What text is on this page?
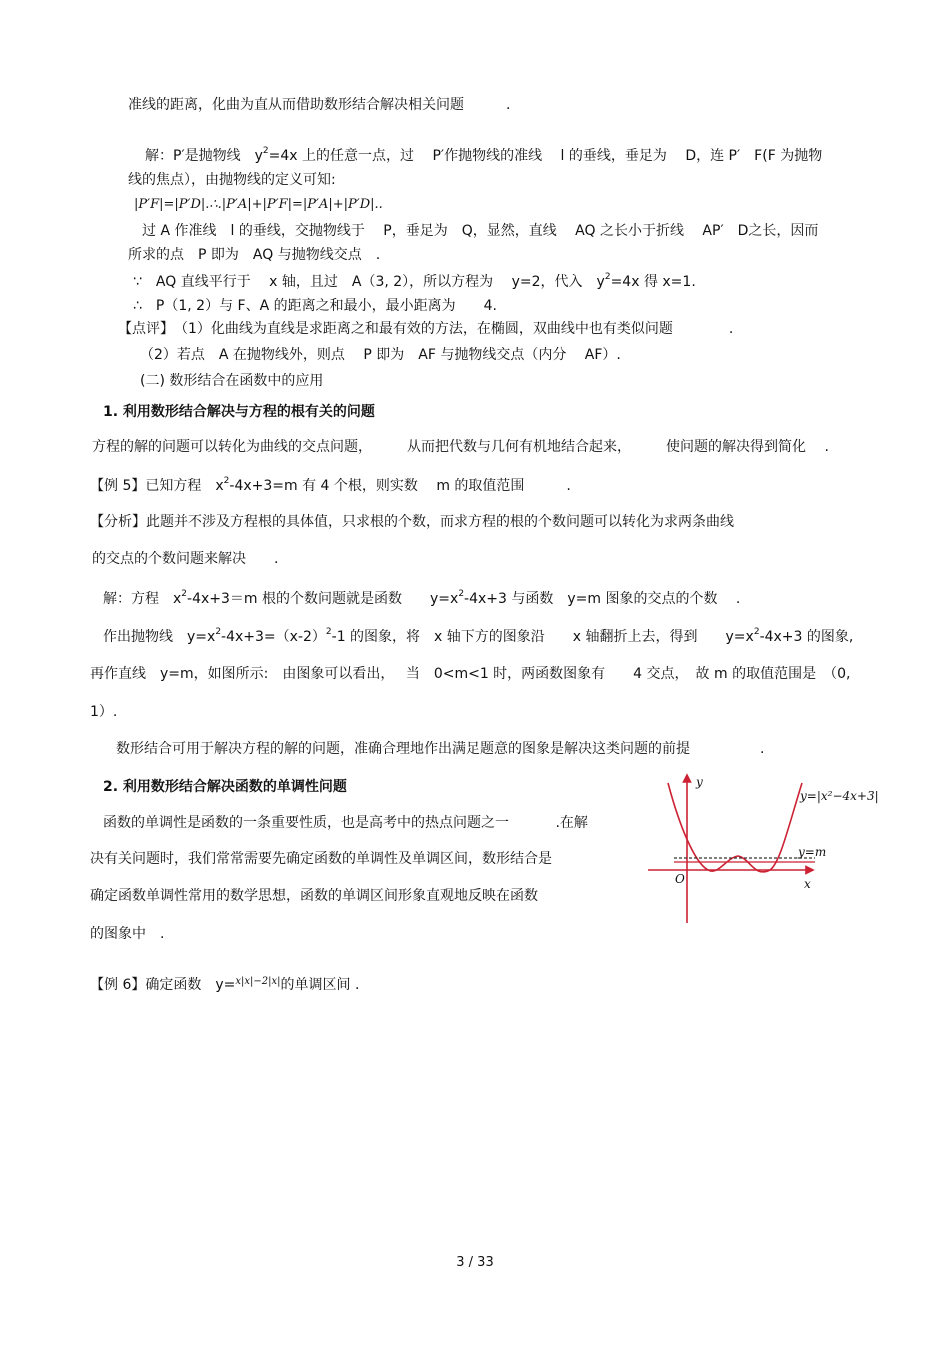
准线的距离，化曲为直从而借助数形结合解决相关问题　　　.
解：P′是抛物线　$y^2=4x$ 上的任意一点，过　 P′作抛物线的准线　 l 的垂线，垂足为　 D，连 P′　F(F 为抛物
线的焦点），由抛物线的定义可知:
|P′F|=|P′D|.∴.|P′A|+|P′F|=|P′A|+|P′D|..
过 A 作准线　l 的垂线，交抛物线于　 P，垂足为　Q，显然，直线　 AQ 之长小于折线　 AP′　D之长，因而
所求的点　P 即为　AQ 与抛物线交点　.
∵　AQ 直线平行于　 x 轴，且过　A（3, 2），所以方程为　 y=2，代入　$y^2=4x$ 得 x=1.
∴　P（1, 2）与 F、A 的距离之和最小，最小距离为　　4.
【点评】　（1）化曲线为直线是求距离之和最有效的方法，在椭圆，双曲线中也有类似问题　　　　.
（2）若点　A 在抛物线外，则点　 P 即为　AF 与抛物线交点（内分　 AF）.
(二) 数形结合在函数中的应用
1. 利用数形结合解决与方程的根有关的问题
方程的解的问题可以转化为曲线的交点问题，　　　从而把代数与几何有机地结合起来，　　　使问题的解决得到简化　 .
【例 5】已知方程　$x^2-4x+3=m$ 有 4 个根，则实数　 m 的取值范围　　　.
【分析】此题并不涉及方程根的具体值，只求根的个数，而求方程的根的个数问题可以转化为求两条曲线
的交点的个数问题来解决　　.
解：方程　$x^2-4x+3=m$ 根的个数问题就是函数　　$y=x^2-4x+3$ 与函数　y=m 图象的交点的个数　 .
作出抛物线　$y=x^2-4x+3=(x-2)^2-1$ 的图象，将　x 轴下方的图象沿　　x 轴翻折上去，得到　　$y=x^2-4x+3$ 的图象,
再作直线　y=m，如图所示:　由图象可以看出，　 当　0<m<1 时，两函数图象有　　4 交点，　故 m 的取值范围是　（0,
1）.
数形结合可用于解决方程的解的问题，准确合理地作出满足题意的图象是解决这类问题的前提　　　　　.
2. 利用数形结合解决函数的单调性问题
函数的单调性是函数的一条重要性质，也是高考中的热点问题之一　　　 .在解
决有关问题时，我们常常需要先确定函数的单调性及单调区间，数形结合是
确定函数单调性常用的数学思想，函数的单调区间形象直观地反映在函数
的图象中　.
【例 6】确定函数　y=$^{x|x|-2|x|}$的单调区间 .
y
x
O
y=|x²−4x+3|
y=m
3 / 33
